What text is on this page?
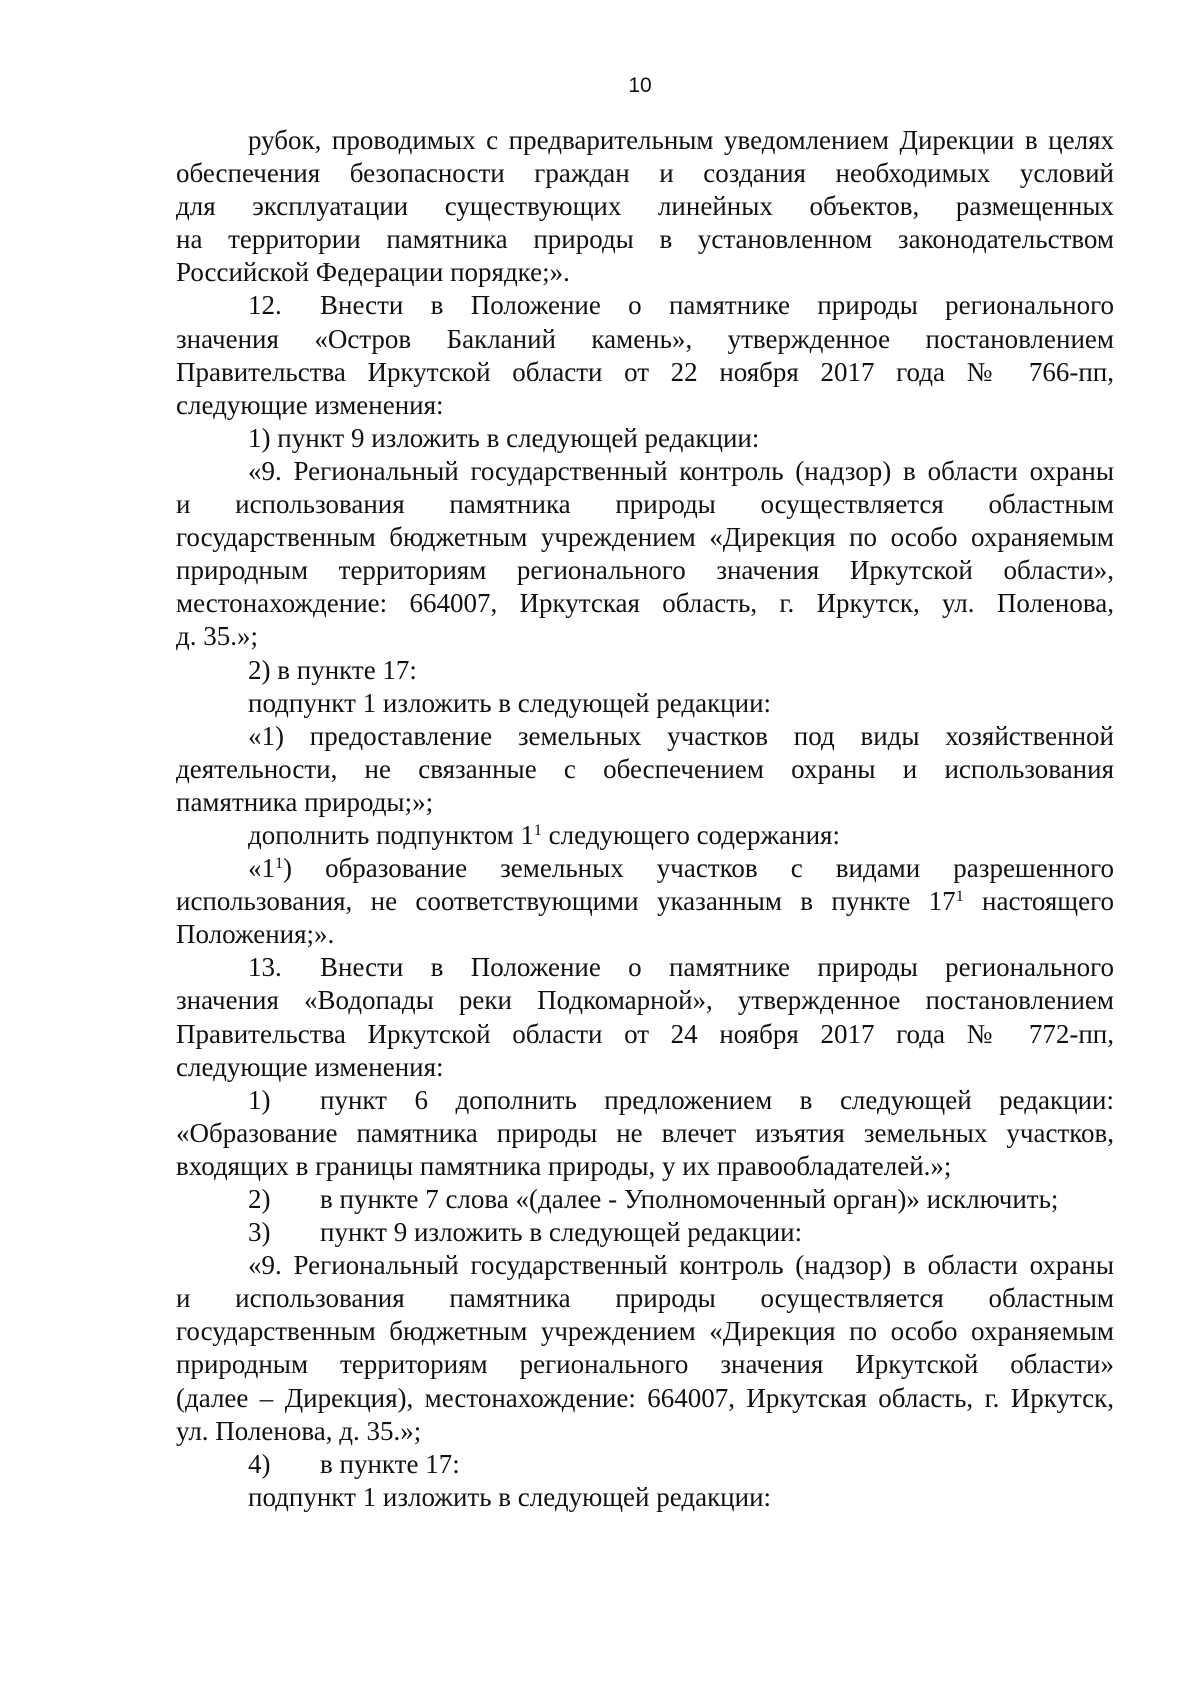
10
рубок, проводимых с предварительным уведомлением Дирекции в целях
обеспечения безопасности граждан и создания необходимых условий
для эксплуатации существующих линейных объектов, размещенных
на территории памятника природы в установленном законодательством
Российской Федерации порядке;».
12. Внести в Положение о памятнике природы регионального
значения «Остров Бакланий камень», утвержденное постановлением
Правительства Иркутской области от 22 ноября 2017 года № 766-пп,
следующие изменения:
1) пункт 9 изложить в следующей редакции:
«9. Региональный государственный контроль (надзор) в области охраны
и использования памятника природы осуществляется областным
государственным бюджетным учреждением «Дирекция по особо охраняемым
природным территориям регионального значения Иркутской области»,
местонахождение: 664007, Иркутская область, г. Иркутск, ул. Поленова,
д. 35.»;
2) в пункте 17:
подпункт 1 изложить в следующей редакции:
«1) предоставление земельных участков под виды хозяйственной
деятельности, не связанные с обеспечением охраны и использования
памятника природы;»;
дополнить подпунктом $1^1$ следующего содержания:
«$1^1$) образование земельных участков с видами разрешенного
использования, не соответствующими указанным в пункте $17^1$ настоящего
Положения;».
13. Внести в Положение о памятнике природы регионального
значения «Водопады реки Подкомарной», утвержденное постановлением
Правительства Иркутской области от 24 ноября 2017 года № 772-пп,
следующие изменения:
1) пункт 6 дополнить предложением в следующей редакции:
«Образование памятника природы не влечет изъятия земельных участков,
входящих в границы памятника природы, у их правообладателей.»;
2) в пункте 7 слова «(далее - Уполномоченный орган)» исключить;
3) пункт 9 изложить в следующей редакции:
«9. Региональный государственный контроль (надзор) в области охраны
и использования памятника природы осуществляется областным
государственным бюджетным учреждением «Дирекция по особо охраняемым
природным территориям регионального значения Иркутской области»
(далее – Дирекция), местонахождение: 664007, Иркутская область, г. Иркутск,
ул. Поленова, д. 35.»;
4) в пункте 17:
подпункт 1 изложить в следующей редакции:
